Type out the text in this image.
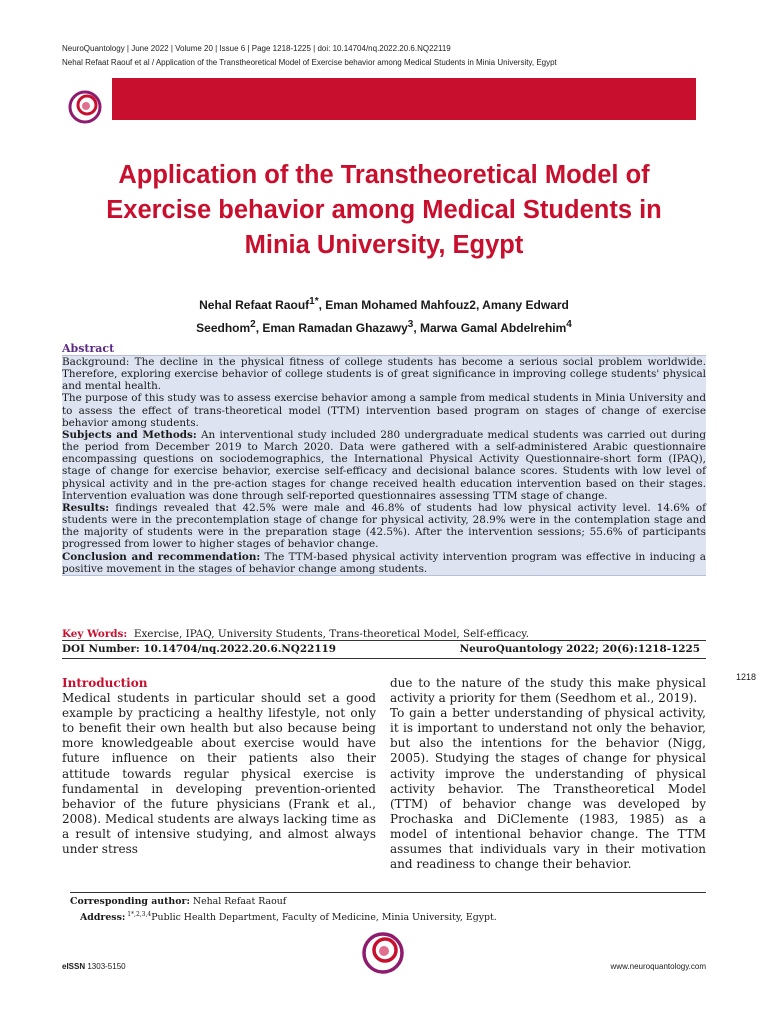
NeuroQuantology | June 2022 | Volume 20 | Issue 6 | Page 1218-1225 | doi: 10.14704/nq.2022.20.6.NQ22119
Nehal Refaat Raouf et al / Application of the Transtheoretical Model of Exercise behavior among Medical Students in Minia University, Egypt
Application of the Transtheoretical Model of
Exercise behavior among Medical Students in
Minia University, Egypt
Nehal Refaat Raouf$^{1*}$, Eman Mohamed Mahfouz2, Amany Edward
Seedhom$^2$, Eman Ramadan Ghazawy$^3$, Marwa Gamal Abdelrehim$^4$
Abstract

Background: The decline in the physical fitness of college students has become a serious social problem worldwide. Therefore, exploring exercise behavior of college students is of great significance in improving college students' physical and mental health.

The purpose of this study was to assess exercise behavior among a sample from medical students in Minia University and to assess the effect of trans-theoretical model (TTM) intervention based program on stages of change of exercise behavior among students.

Subjects and Methods: An interventional study included 280 undergraduate medical students was carried out during the period from December 2019 to March 2020. Data were gathered with a self-administered Arabic questionnaire encompassing questions on sociodemographics, the International Physical Activity Questionnaire-short form (IPAQ), stage of change for exercise behavior, exercise self-efficacy and decisional balance scores. Students with low level of physical activity and in the pre-action stages for change received health education intervention based on their stages. Intervention evaluation was done through self-reported questionnaires assessing TTM stage of change.

Results: findings revealed that 42.5% were male and 46.8% of students had low physical activity level. 14.6% of students were in the precontemplation stage of change for physical activity, 28.9% were in the contemplation stage and the majority of students were in the preparation stage (42.5%). After the intervention sessions; 55.6% of participants progressed from lower to higher stages of behavior change.

Conclusion and recommendation: The TTM-based physical activity intervention program was effective in inducing a positive movement in the stages of behavior change among students.

Key Words: Exercise, IPAQ, University Students, Trans-theoretical Model, Self-efficacy.
DOI Number: 10.14704/nq.2022.20.6.NQ22119	NeuroQuantology 2022; 20(6):1218-1225
Introduction

Medical students in particular should set a good example by practicing a healthy lifestyle, not only to benefit their own health but also because being more knowledgeable about exercise would have future influence on their patients also their attitude towards regular physical exercise is fundamental in developing prevention-oriented behavior of the future physicians (Frank et al., 2008). Medical students are always lacking time as a result of intensive studying, and almost always under stress

due to the nature of the study this make physical activity a priority for them (Seedhom et al., 2019).

To gain a better understanding of physical activity, it is important to understand not only the behavior, but also the intentions for the behavior (Nigg, 2005). Studying the stages of change for physical activity improve the understanding of physical activity behavior. The Transtheoretical Model (TTM) of behavior change was developed by Prochaska and DiClemente (1983, 1985) as a model of intentional behavior change. The TTM assumes that individuals vary in their motivation and readiness to change their behavior.

1218
Corresponding author: Nehal Refaat Raouf
Address: $^{1*,2,3,4}$Public Health Department, Faculty of Medicine, Minia University, Egypt.
eISSN 1303-5150	www.neuroquantology.com
